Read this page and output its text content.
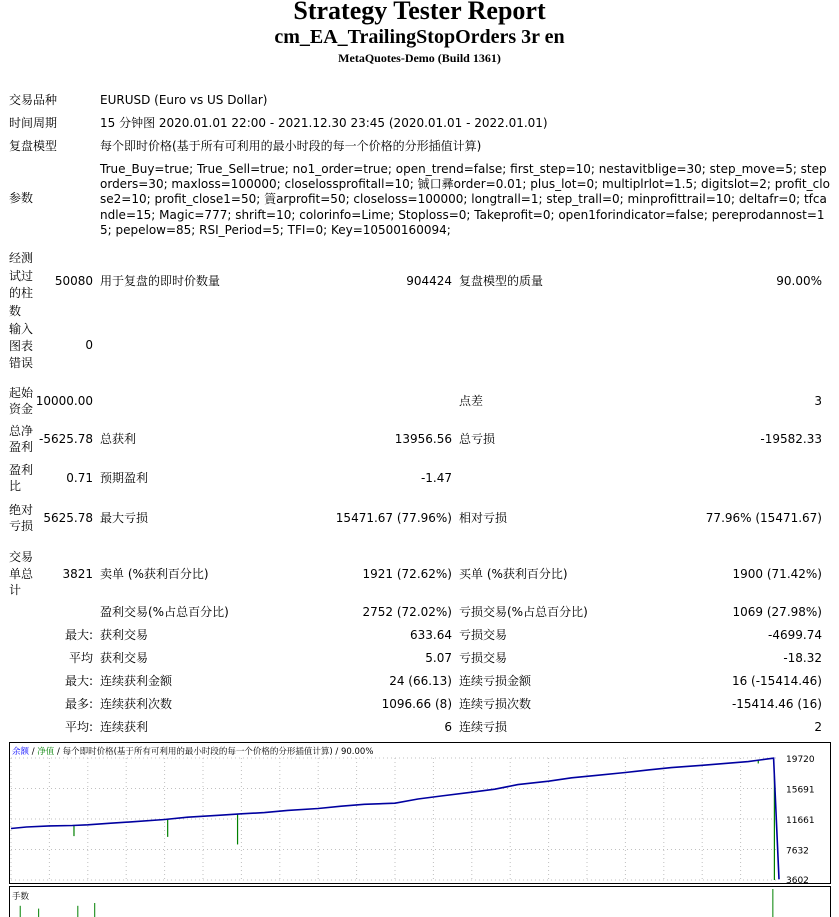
Strategy Tester Report
cm_EA_TrailingStopOrders 3r en
MetaQuotes-Demo (Build 1361)
交易品种	EURUSD (Euro vs US Dollar)
时间周期	15 分钟图 2020.01.01 22:00 - 2021.12.30 23:45 (2020.01.01 - 2022.01.01)
复盘模型	每个即时价格(基于所有可利用的最小时段的每一个价格的分形插值计算)
参数
True_Buy=true; True_Sell=true; no1_order=true; open_trend=false; first_step=10; nestavitblige=30; step_move=5; steporders=30; maxloss=100000; closelossprofitall=10; 铖口彞order=0.01; plus_lot=0; multiplrlot=1.5; digitslot=2; profit_close2=10; profit_close1=50; 篢arprofit=50; closeloss=100000; longtrall=1; step_trall=0; minprofittrail=10; deltafr=0; tfcandle=15; Magic=777; shrift=10; colorinfo=Lime; Stoploss=0; Takeprofit=0; open1forindicator=false; pereprodannost=15; pepelow=85; RSI_Period=5; TFI=0; Key=10500160094;
经测
试过
的柱
数
50080 用于复盘的即时价数量	904424 复盘模型的质量	90.00%
输入
图表
错误
0
起始
资金
10000.00	点差	3
总净
盈利
-5625.78 总获利	13956.56 总亏损	-19582.33
盈利
比
0.71 预期盈利	-1.47
绝对
亏损
5625.78 最大亏损	15471.67 (77.96%) 相对亏损	77.96% (15471.67)
交易
单总
计
3821 卖单 (%获利百分比)	1921 (72.62%) 买单 (%获利百分比)	1900 (71.42%)
盈利交易(%占总百分比)	2752 (72.02%) 亏损交易(%占总百分比)	1069 (27.98%)
最大: 获利交易	633.64 亏损交易	-4699.74
平均 获利交易	5.07 亏损交易	-18.32
最大: 连续获利金额	24 (66.13) 连续亏损金额	16 (-15414.46)
最多: 连续获利次数	1096.66 (8) 连续亏损次数	-15414.46 (16)
平均: 连续获利	6 连续亏损	2
19720
15691
11661
7632
3602
余额 / 净值 / 每个即时价格(基于所有可利用的最小时段的每一个价格的分形插值计算) / 90.00%
手数
